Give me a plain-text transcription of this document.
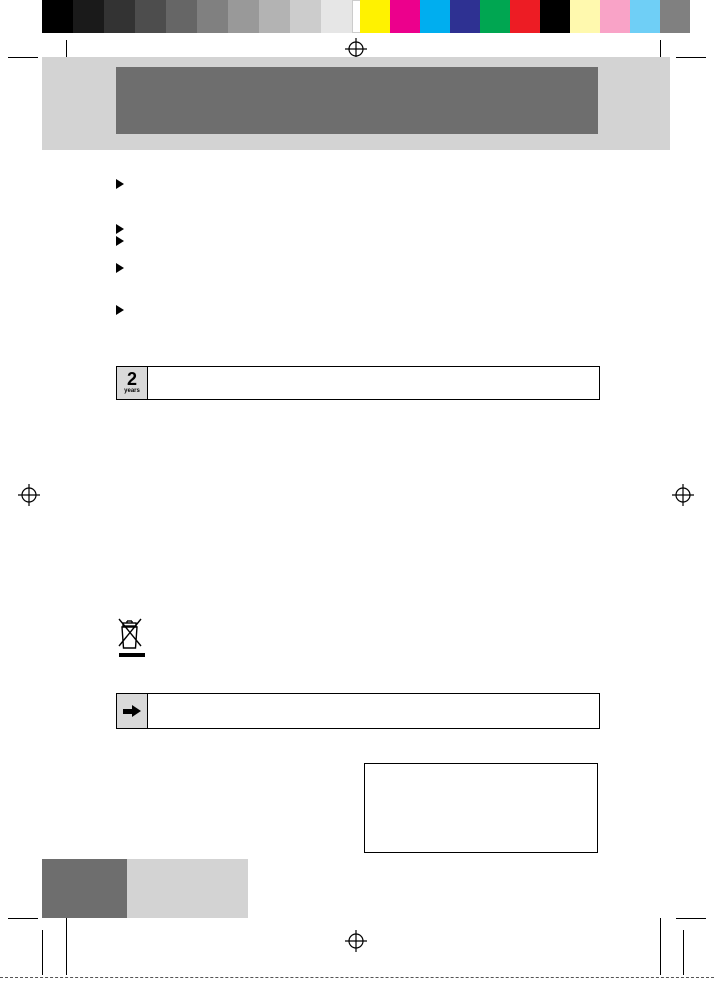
2
years
